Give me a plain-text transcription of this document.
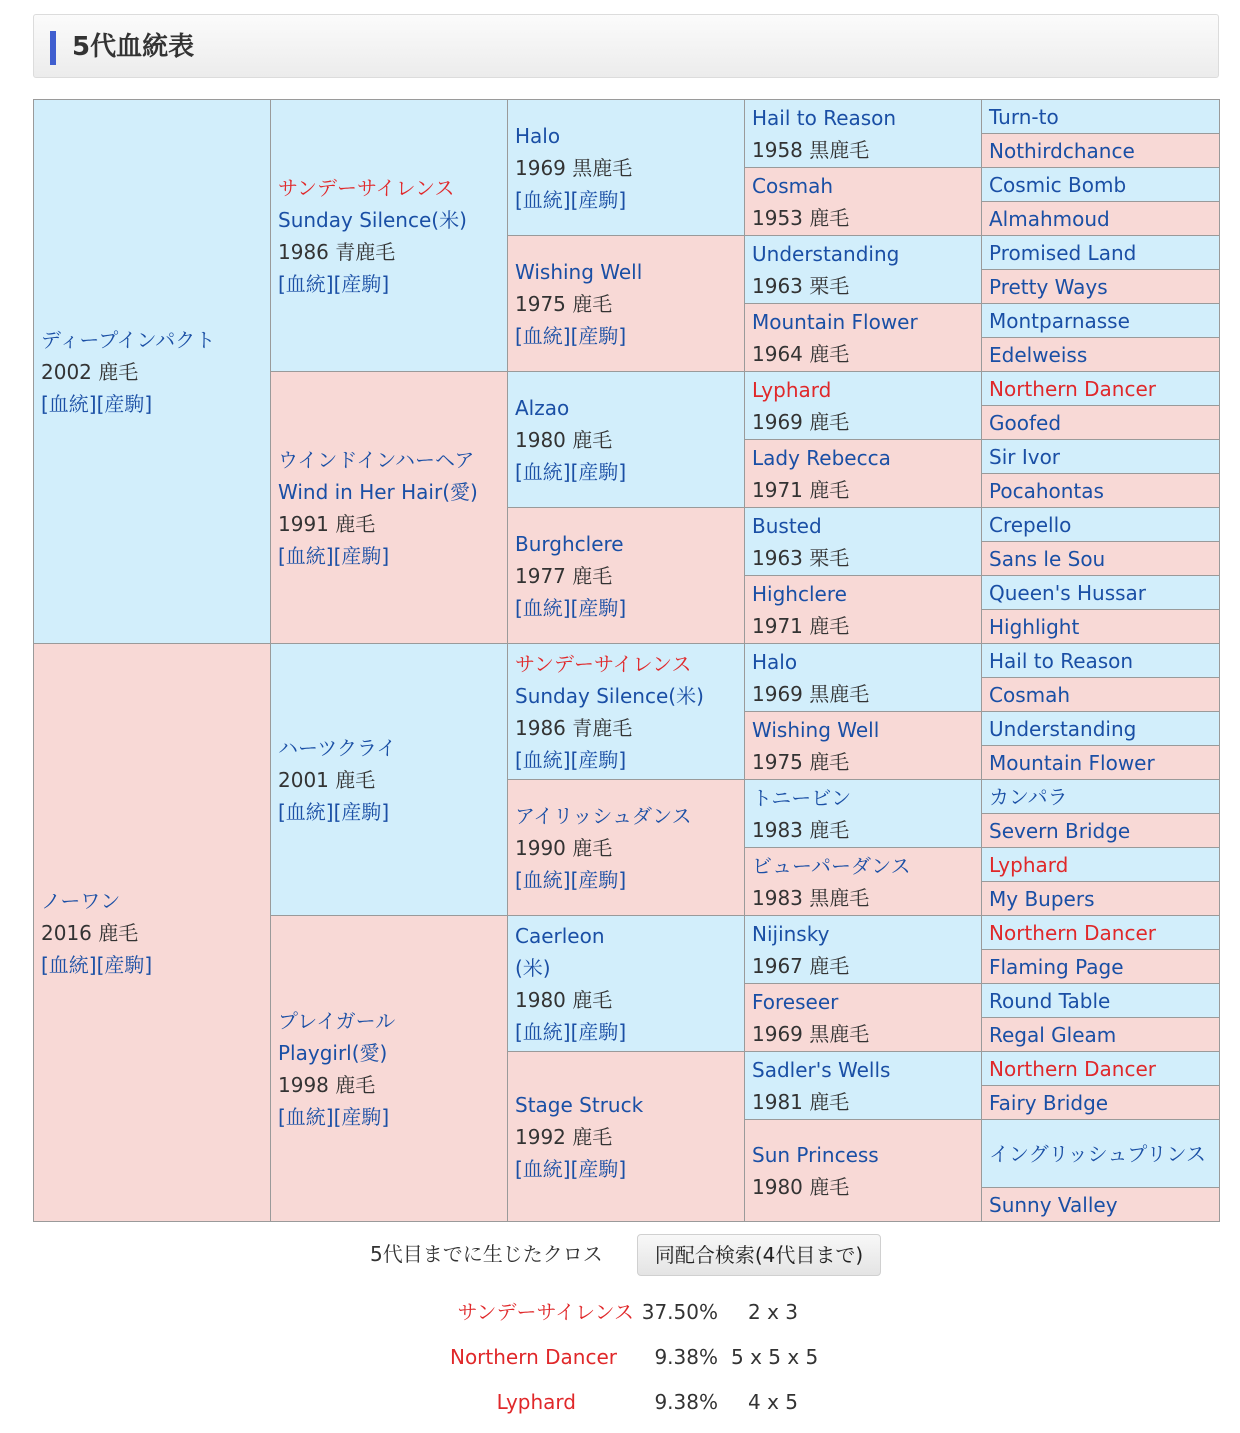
5代血統表
ディープインパクト
2002 鹿毛
[血統][産駒]	サンデーサイレンス
Sunday Silence(米)
1986 青鹿毛
[血統][産駒]	Halo
1969 黒鹿毛
[血統][産駒]	Hail to Reason
1958 黒鹿毛	Turn-to

				Nothirdchance

			Cosmah
1953 鹿毛	Cosmic Bomb

				Almahmoud

		Wishing Well
1975 鹿毛
[血統][産駒]	Understanding
1963 栗毛	Promised Land

				Pretty Ways

			Mountain Flower
1964 鹿毛	Montparnasse

				Edelweiss

	ウインドインハーヘア
Wind in Her Hair(愛)
1991 鹿毛
[血統][産駒]	Alzao
1980 鹿毛
[血統][産駒]	Lyphard
1969 鹿毛	Northern Dancer

				Goofed

			Lady Rebecca
1971 鹿毛	Sir Ivor

				Pocahontas

		Burghclere
1977 鹿毛
[血統][産駒]	Busted
1963 栗毛	Crepello

				Sans le Sou

			Highclere
1971 鹿毛	Queen's Hussar

				Highlight

ノーワン
2016 鹿毛
[血統][産駒]	ハーツクライ
2001 鹿毛
[血統][産駒]	サンデーサイレンス
Sunday Silence(米)
1986 青鹿毛
[血統][産駒]	Halo
1969 黒鹿毛	Hail to Reason

				Cosmah

			Wishing Well
1975 鹿毛	Understanding

				Mountain Flower

		アイリッシュダンス
1990 鹿毛
[血統][産駒]	トニービン
1983 鹿毛	カンパラ

				Severn Bridge

			ビューパーダンス
1983 黒鹿毛	Lyphard

				My Bupers

	プレイガール
Playgirl(愛)
1998 鹿毛
[血統][産駒]	Caerleon
(米)
1980 鹿毛
[血統][産駒]	Nijinsky
1967 鹿毛	Northern Dancer

				Flaming Page

			Foreseer
1969 黒鹿毛	Round Table

				Regal Gleam

		Stage Struck
1992 鹿毛
[血統][産駒]	Sadler's Wells
1981 鹿毛	Northern Dancer

				Fairy Bridge

			Sun Princess
1980 鹿毛	イングリッシュプリンス

				Sunny Valley
5代目までに生じたクロス	同配合検索(4代目まで)
サンデーサイレンス 37.50% 2 x 3
Northern Dancer	9.38% 5 x 5 x 5
Lyphard	9.38% 4 x 5
